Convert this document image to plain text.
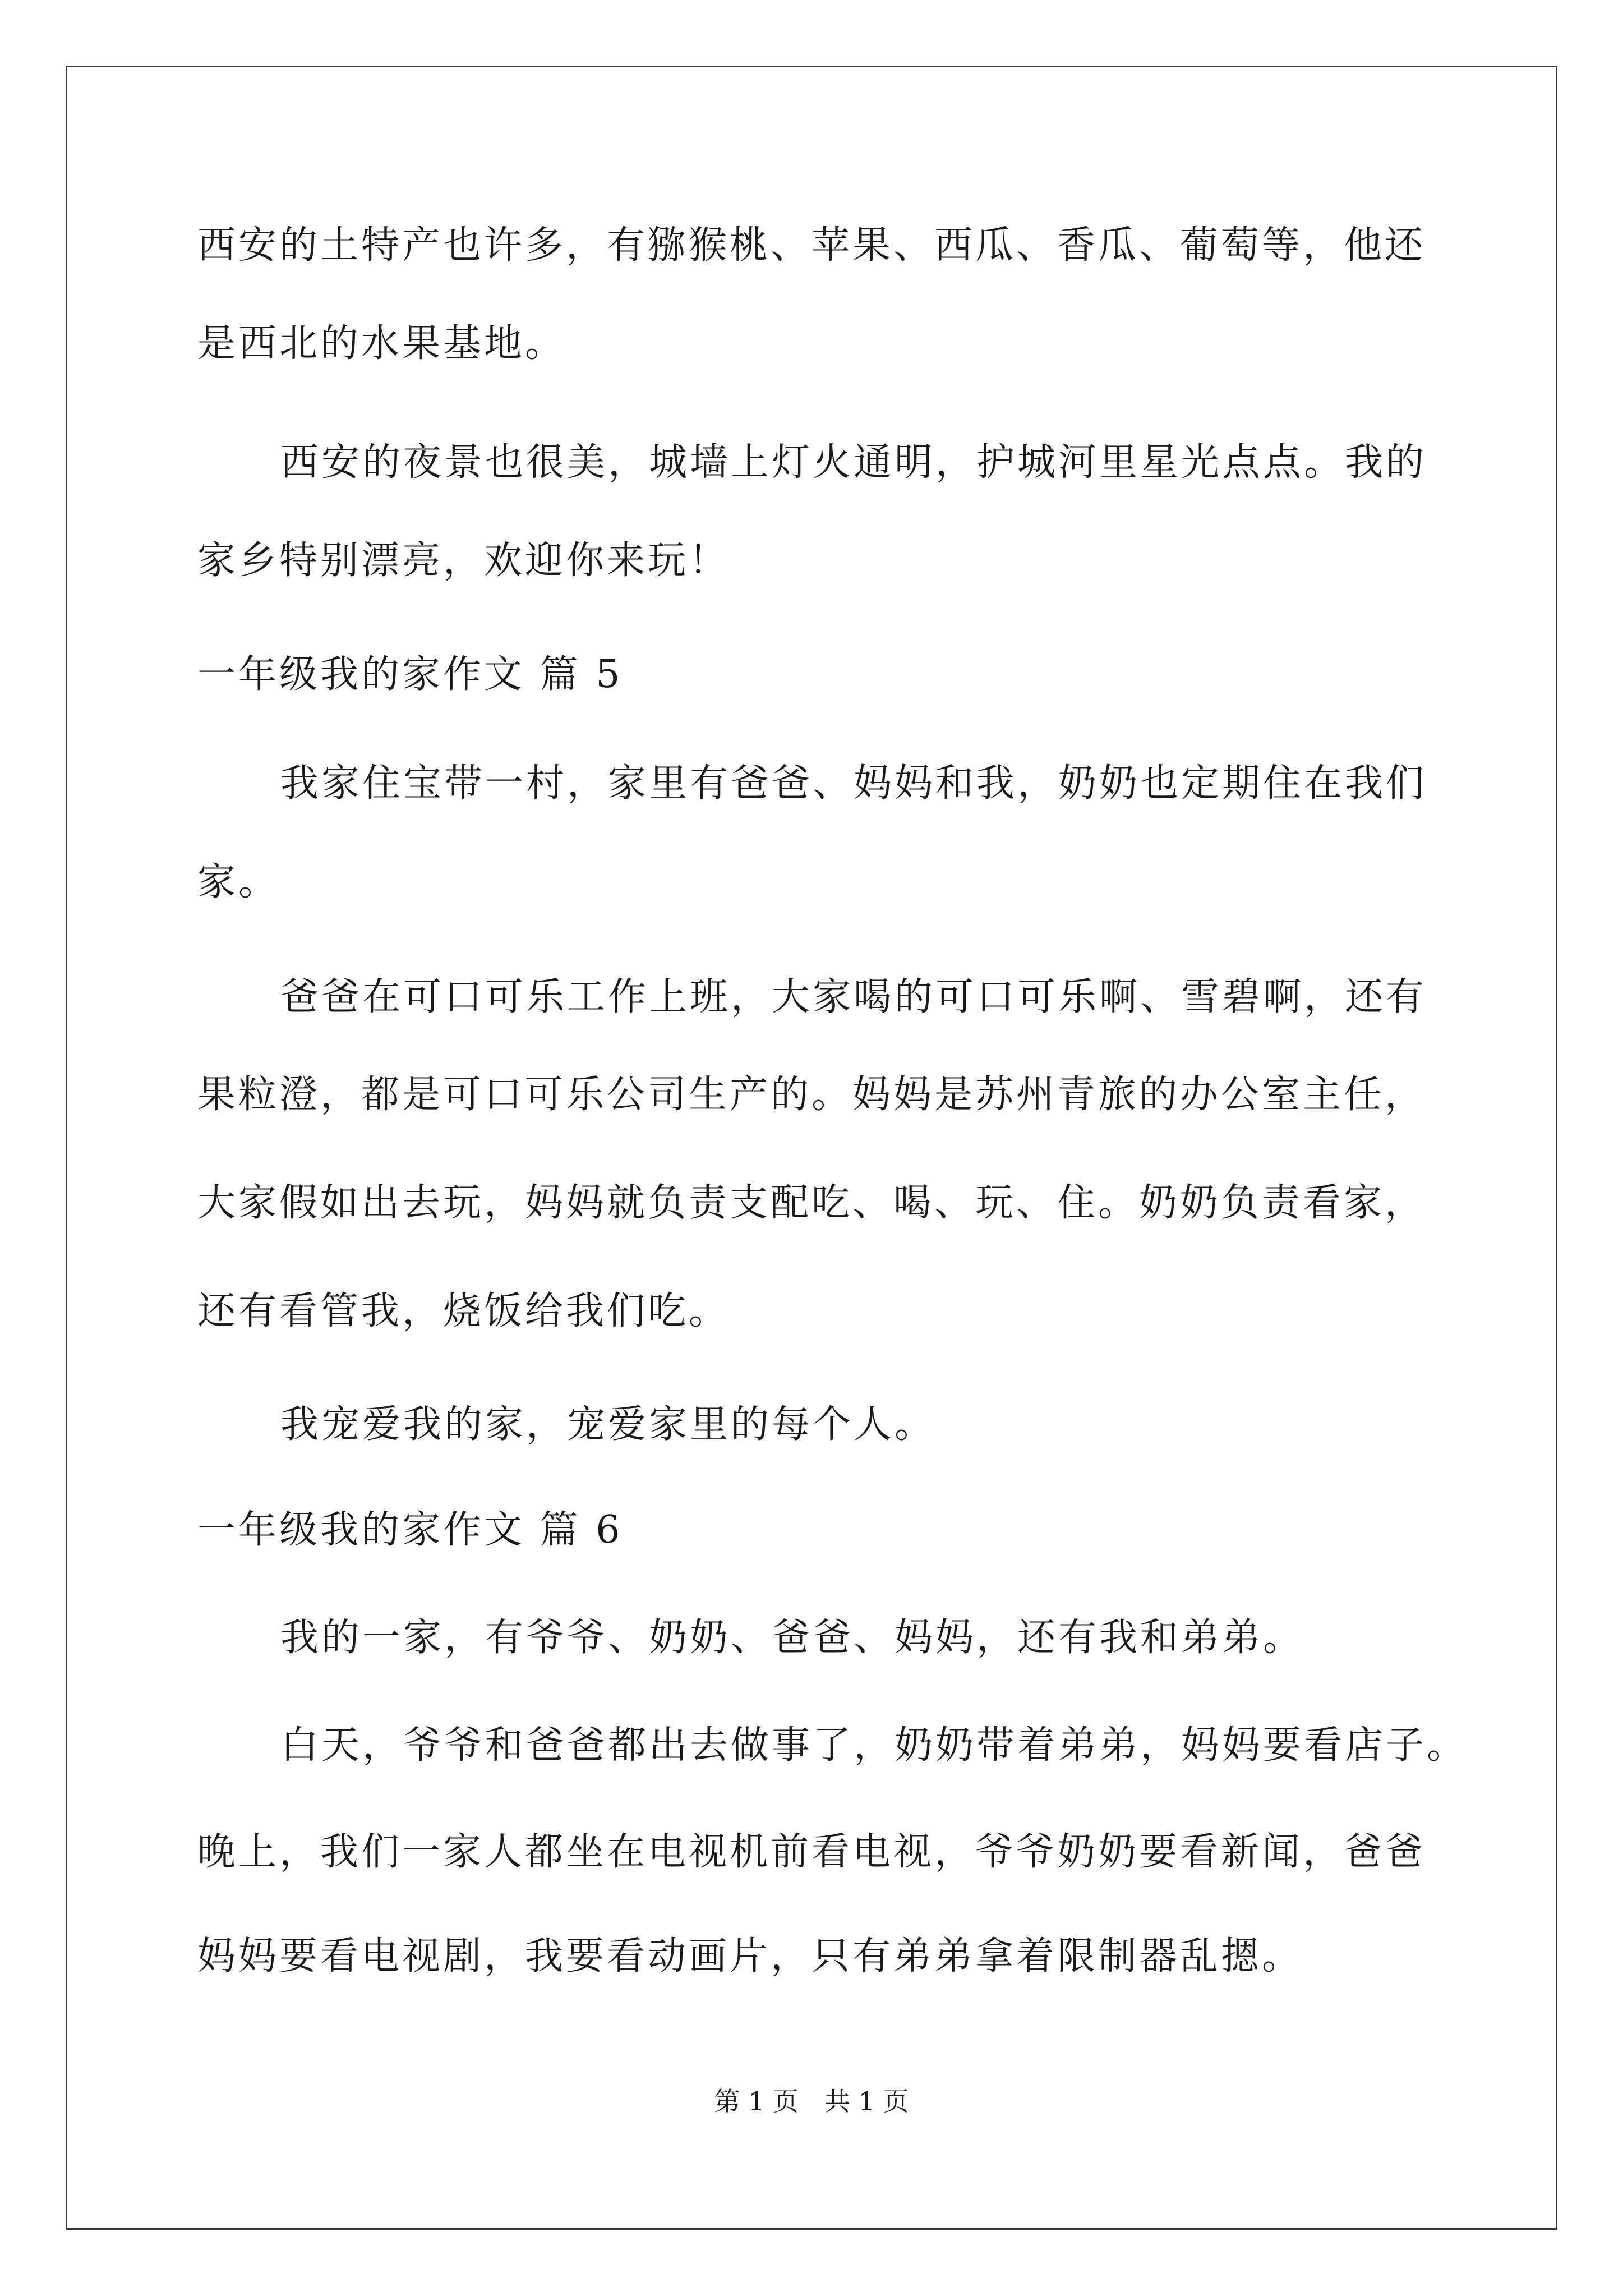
西安的土特产也许多，有猕猴桃、苹果、西瓜、香瓜、葡萄等，他还
是西北的水果基地。
西安的夜景也很美，城墙上灯火通明，护城河里星光点点。我的
家乡特别漂亮，欢迎你来玩！
一年级我的家作文 篇 5
我家住宝带一村，家里有爸爸、妈妈和我，奶奶也定期住在我们
家。
爸爸在可口可乐工作上班，大家喝的可口可乐啊、雪碧啊，还有
果粒澄，都是可口可乐公司生产的。妈妈是苏州青旅的办公室主任，
大家假如出去玩，妈妈就负责支配吃、喝、玩、住。奶奶负责看家，
还有看管我，烧饭给我们吃。
我宠爱我的家，宠爱家里的每个人。
一年级我的家作文 篇 6
我的一家，有爷爷、奶奶、爸爸、妈妈，还有我和弟弟。
白天，爷爷和爸爸都出去做事了，奶奶带着弟弟，妈妈要看店子。
晚上，我们一家人都坐在电视机前看电视，爷爷奶奶要看新闻，爸爸
妈妈要看电视剧，我要看动画片，只有弟弟拿着限制器乱摁。
第 1 页 共 1 页
